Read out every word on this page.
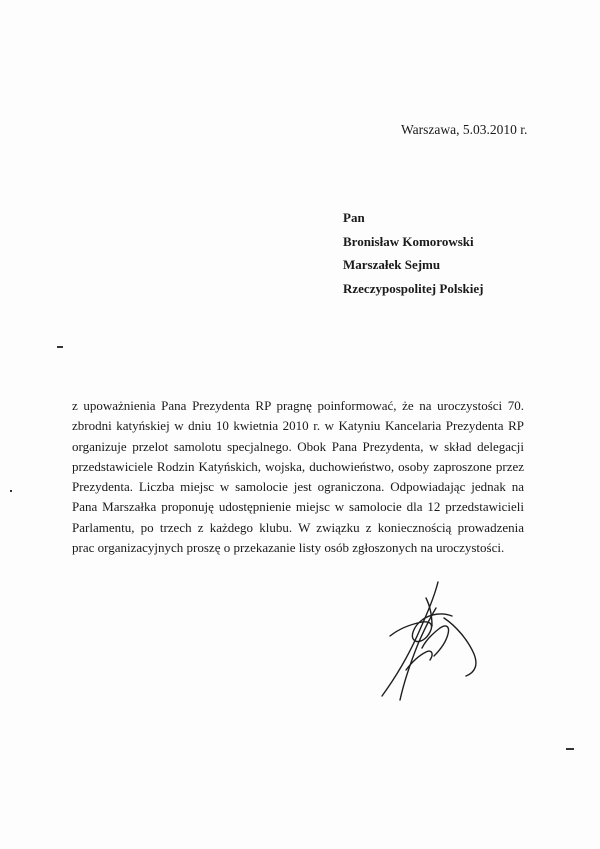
Warszawa, 5.03.2010 r.
Pan
Bronisław Komorowski
Marszałek Sejmu
Rzeczypospolitej Polskiej
z upoważnienia Pana Prezydenta RP pragnę poinformować, że na uroczystości 70.
zbrodni katyńskiej w dniu 10 kwietnia 2010 r. w Katyniu Kancelaria Prezydenta RP
organizuje przelot samolotu specjalnego. Obok Pana Prezydenta, w skład delegacji
przedstawiciele Rodzin Katyńskich, wojska, duchowieństwo, osoby zaproszone przez
Prezydenta. Liczba miejsc w samolocie jest ograniczona. Odpowiadając jednak na
Pana Marszałka proponuję udostępnienie miejsc w samolocie dla 12 przedstawicieli
Parlamentu, po trzech z każdego klubu. W związku z koniecznością prowadzenia
prac organizacyjnych proszę o przekazanie listy osób zgłoszonych na uroczystości.
